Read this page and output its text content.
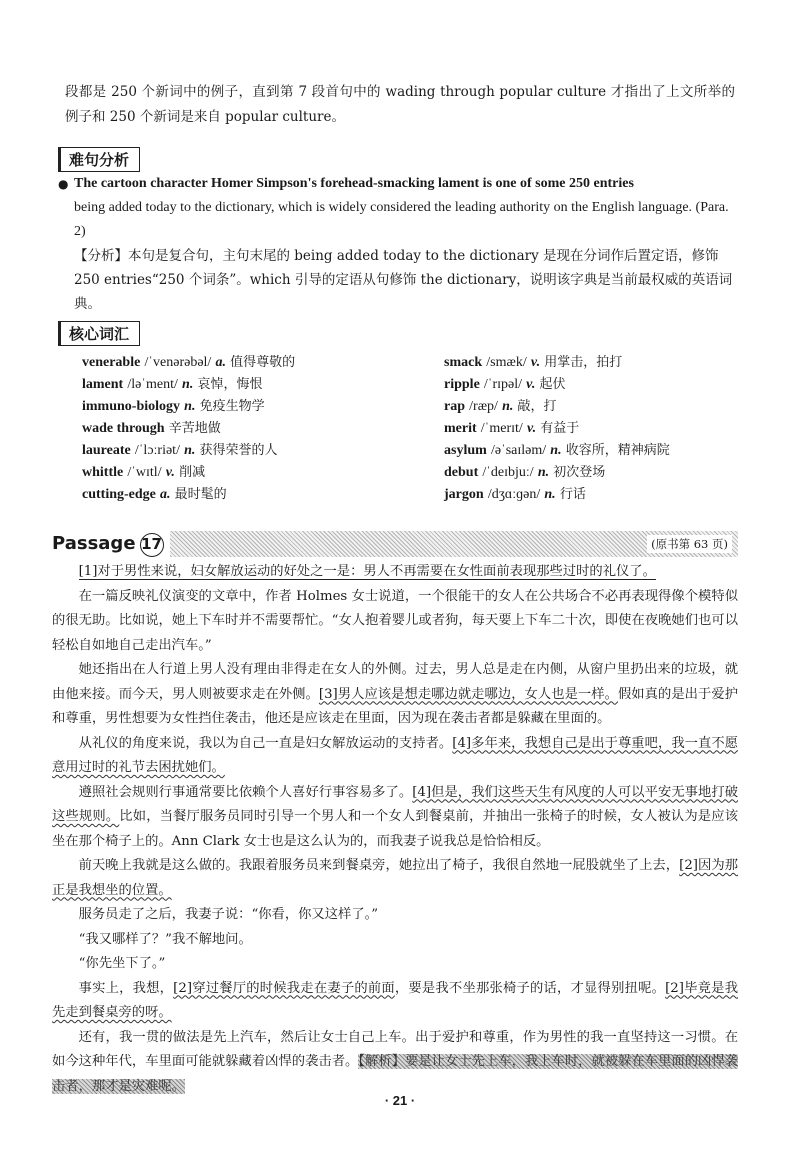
段都是 250 个新词中的例子，直到第 7 段首句中的 wading through popular culture 才指出了上文所举的例子和 250 个新词是来自 popular culture。
难句分析
● The cartoon character Homer Simpson's forehead-smacking lament is one of some 250 entries
being added today to the dictionary, which is widely considered the leading authority on the English language. (Para. 2)
【分析】本句是复合句，主句末尾的 being added today to the dictionary 是现在分词作后置定语，修饰 250 entries“250 个词条”。which 引导的定语从句修饰 the dictionary，说明该字典是当前最权威的英语词典。
核心词汇
venerable /ˈvenərəbəl/ a. 值得尊敬的
lament /ləˈment/ n. 哀悼，悔恨
immuno-biology n. 免疫生物学
wade through 辛苦地做
laureate /ˈlɔːriət/ n. 获得荣誉的人
whittle /ˈwɪtl/ v. 削减
cutting-edge a. 最时髦的
smack /smæk/ v. 用掌击，拍打
ripple /ˈrɪpəl/ v. 起伏
rap /ræp/ n. 敲，打
merit /ˈmerɪt/ v. 有益于
asylum /əˈsaɪləm/ n. 收容所，精神病院
debut /ˈdeɪbjuː/ n. 初次登场
jargon /dʒɑːɡən/ n. 行话
Passage 17	(原书第 63 页)

[1]对于男性来说，妇女解放运动的好处之一是：男人不再需要在女性面前表现那些过时的礼仪了。

在一篇反映礼仪演变的文章中，作者 Holmes 女士说道，一个很能干的女人在公共场合不必再表现得像个模特似的很无助。比如说，她上下车时并不需要帮忙。“女人抱着婴儿或者狗，每天要上下车二十次，即使在夜晚她们也可以轻松自如地自己走出汽车。”

她还指出在人行道上男人没有理由非得走在女人的外侧。过去，男人总是走在内侧，从窗户里扔出来的垃圾，就由他来接。而今天，男人则被要求走在外侧。[3]男人应该是想走哪边就走哪边，女人也是一样。假如真的是出于爱护和尊重，男性想要为女性挡住袭击，他还是应该走在里面，因为现在袭击者都是躲藏在里面的。

从礼仪的角度来说，我以为自己一直是妇女解放运动的支持者。[4]多年来，我想自己是出于尊重吧，我一直不愿意用过时的礼节去困扰她们。

遵照社会规则行事通常要比依赖个人喜好行事容易多了。[4]但是，我们这些天生有风度的人可以平安无事地打破这些规则。比如，当餐厅服务员同时引导一个男人和一个女人到餐桌前，并抽出一张椅子的时候，女人被认为是应该坐在那个椅子上的。Ann Clark 女士也是这么认为的，而我妻子说我总是恰恰相反。

前天晚上我就是这么做的。我跟着服务员来到餐桌旁，她拉出了椅子，我很自然地一屁股就坐了上去，[2]因为那正是我想坐的位置。

服务员走了之后，我妻子说：“你看，你又这样了。”

“我又哪样了？”我不解地问。

“你先坐下了。”

事实上，我想，[2]穿过餐厅的时候我走在妻子的前面，要是我不坐那张椅子的话，才显得别扭呢。[2]毕竟是我先走到餐桌旁的呀。

还有，我一贯的做法是先上汽车，然后让女士自己上车。出于爱护和尊重，作为男性的我一直坚持这一习惯。在如今这种年代，车里面可能就躲藏着凶悍的袭击者。【解析】要是让女士先上车，我上车时，就被躲在车里面的凶悍袭击者，那才是灾难呢。

· 21 ·
